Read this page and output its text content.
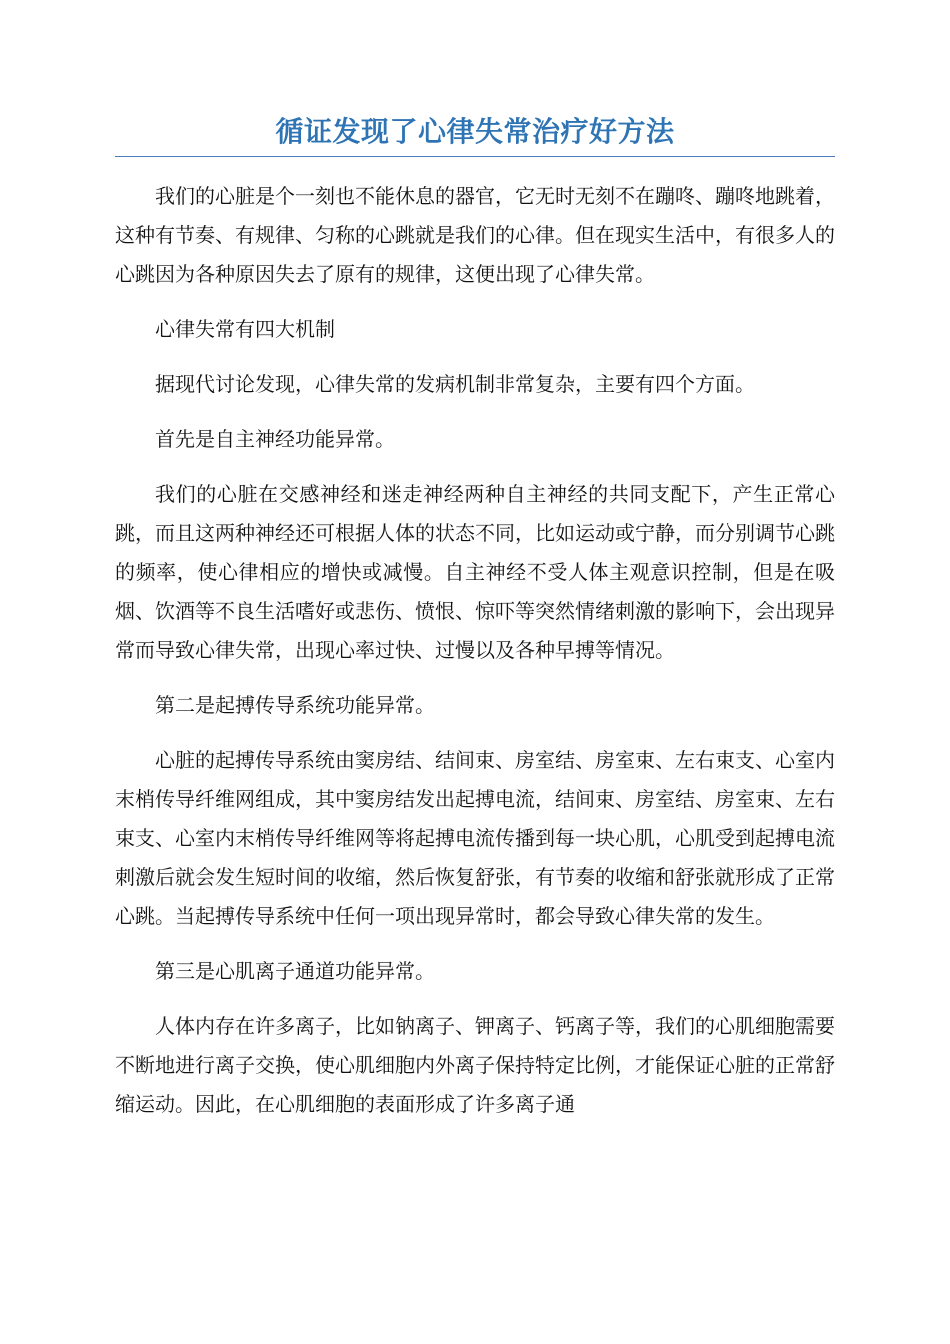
循证发现了心律失常治疗好方法

我们的心脏是个一刻也不能休息的器官，它无时无刻不在蹦咚、蹦咚地跳着，这种有节奏、有规律、匀称的心跳就是我们的心律。但在现实生活中，有很多人的心跳因为各种原因失去了原有的规律，这便出现了心律失常。

心律失常有四大机制

据现代讨论发现，心律失常的发病机制非常复杂，主要有四个方面。

首先是自主神经功能异常。

我们的心脏在交感神经和迷走神经两种自主神经的共同支配下，产生正常心跳，而且这两种神经还可根据人体的状态不同，比如运动或宁静，而分别调节心跳的频率，使心律相应的增快或减慢。自主神经不受人体主观意识控制，但是在吸烟、饮酒等不良生活嗜好或悲伤、愤恨、惊吓等突然情绪刺激的影响下，会出现异常而导致心律失常，出现心率过快、过慢以及各种早搏等情况。

第二是起搏传导系统功能异常。

心脏的起搏传导系统由窦房结、结间束、房室结、房室束、左右束支、心室内末梢传导纤维网组成，其中窦房结发出起搏电流，结间束、房室结、房室束、左右束支、心室内末梢传导纤维网等将起搏电流传播到每一块心肌，心肌受到起搏电流刺激后就会发生短时间的收缩，然后恢复舒张，有节奏的收缩和舒张就形成了正常心跳。当起搏传导系统中任何一项出现异常时，都会导致心律失常的发生。

第三是心肌离子通道功能异常。

人体内存在许多离子，比如钠离子、钾离子、钙离子等，我们的心肌细胞需要不断地进行离子交换，使心肌细胞内外离子保持特定比例，才能保证心脏的正常舒缩运动。因此，在心肌细胞的表面形成了许多离子通
